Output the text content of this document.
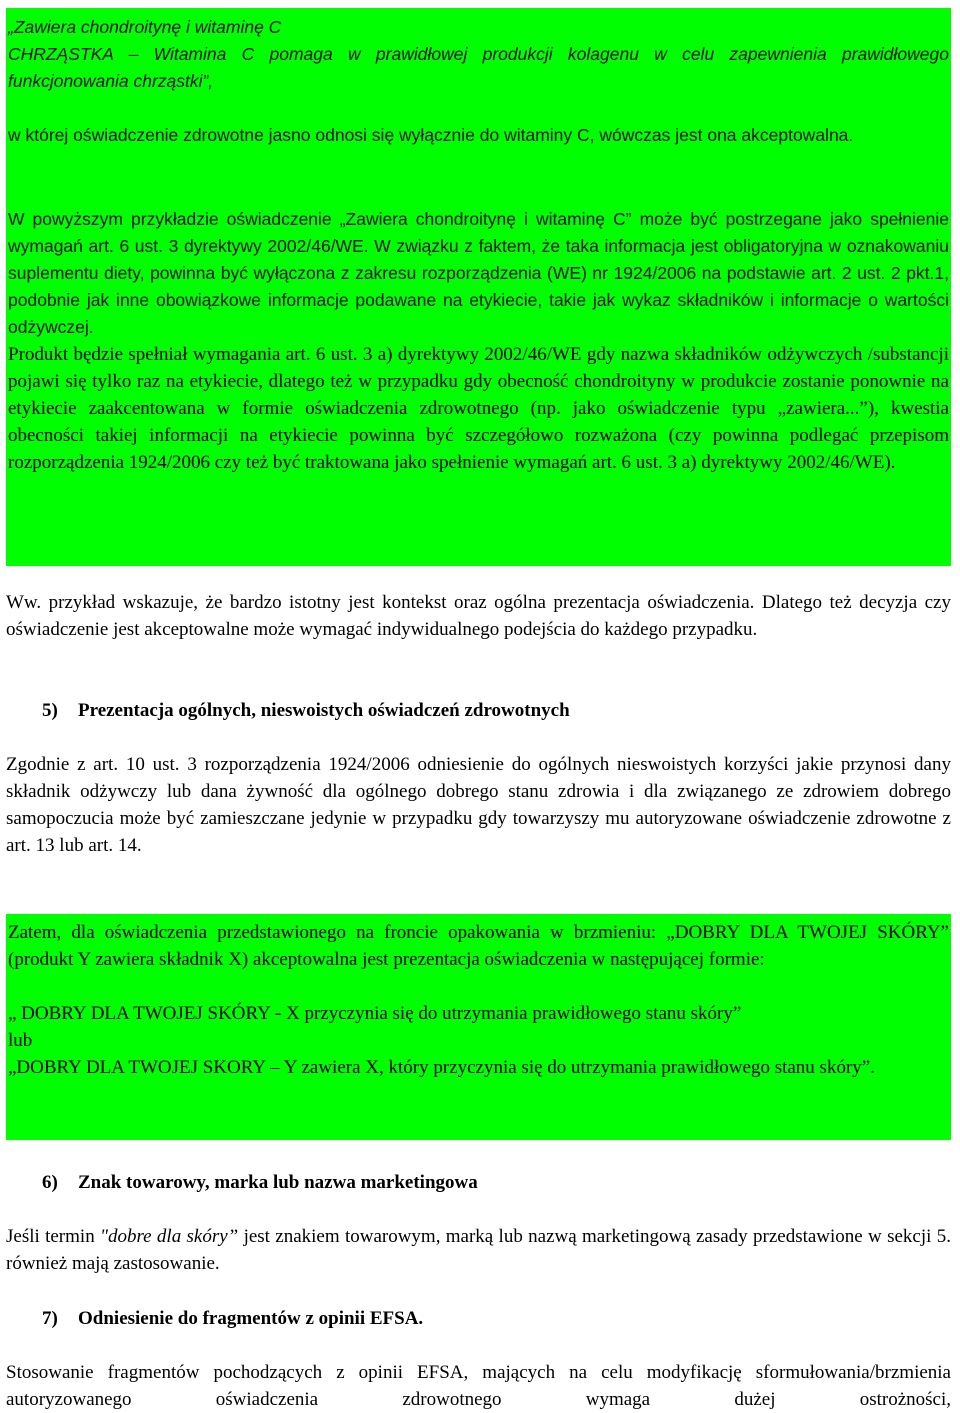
„Zawiera chondroitynę i witaminę C

CHRZĄSTKA – Witamina C pomaga w prawidłowej produkcji kolagenu w celu zapewnienia prawidłowego funkcjonowania chrząstki”,

w której oświadczenie zdrowotne jasno odnosi się wyłącznie do witaminy C, wówczas jest ona akceptowalna.

W powyższym przykładzie oświadczenie „Zawiera chondroitynę i witaminę C” może być postrzegane jako spełnienie wymagań art. 6 ust. 3 dyrektywy 2002/46/WE. W związku z faktem, że taka informacja jest obligatoryjna w oznakowaniu suplementu diety, powinna być wyłączona z zakresu rozporządzenia (WE) nr 1924/2006 na podstawie art. 2 ust. 2 pkt.1, podobnie jak inne obowiązkowe informacje podawane na etykiecie, takie jak wykaz składników i informacje o wartości odżywczej.

Produkt będzie spełniał wymagania art. 6 ust. 3 a) dyrektywy 2002/46/WE gdy nazwa składników odżywczych /substancji pojawi się tylko raz na etykiecie, dlatego też w przypadku gdy obecność chondroityny w produkcie zostanie ponownie na etykiecie zaakcentowana w formie oświadczenia zdrowotnego (np. jako oświadczenie typu „zawiera...”), kwestia obecności takiej informacji na etykiecie powinna być szczegółowo rozważona (czy powinna podlegać przepisom rozporządzenia 1924/2006 czy też być traktowana jako spełnienie wymagań art. 6 ust. 3 a) dyrektywy 2002/46/WE).

Ww. przykład wskazuje, że bardzo istotny jest kontekst oraz ogólna prezentacja oświadczenia. Dlatego też decyzja czy oświadczenie jest akceptowalne może wymagać indywidualnego podejścia do każdego przypadku.

5) Prezentacja ogólnych, nieswoistych oświadczeń zdrowotnych

Zgodnie z art. 10 ust. 3 rozporządzenia 1924/2006 odniesienie do ogólnych nieswoistych korzyści jakie przynosi dany składnik odżywczy lub dana żywność dla ogólnego dobrego stanu zdrowia i dla związanego ze zdrowiem dobrego samopoczucia może być zamieszczane jedynie w przypadku gdy towarzyszy mu autoryzowane oświadczenie zdrowotne z art. 13 lub art. 14.

Zatem, dla oświadczenia przedstawionego na froncie opakowania w brzmieniu: „DOBRY DLA TWOJEJ SKÓRY” (produkt Y zawiera składnik X) akceptowalna jest prezentacja oświadczenia w następującej formie:

„ DOBRY DLA TWOJEJ SKÓRY - X przyczynia się do utrzymania prawidłowego stanu skóry”

lub

„DOBRY DLA TWOJEJ SKORY – Y zawiera X, który przyczynia się do utrzymania prawidłowego stanu skóry”.

6) Znak towarowy, marka lub nazwa marketingowa

Jeśli termin "dobre dla skóry” jest znakiem towarowym, marką lub nazwą marketingową zasady przedstawione w sekcji 5. również mają zastosowanie.

7) Odniesienie do fragmentów z opinii EFSA.

Stosowanie fragmentów pochodzących z opinii EFSA, mających na celu modyfikację sformułowania/brzmienia autoryzowanego oświadczenia zdrowotnego wymaga dużej ostrożności,
